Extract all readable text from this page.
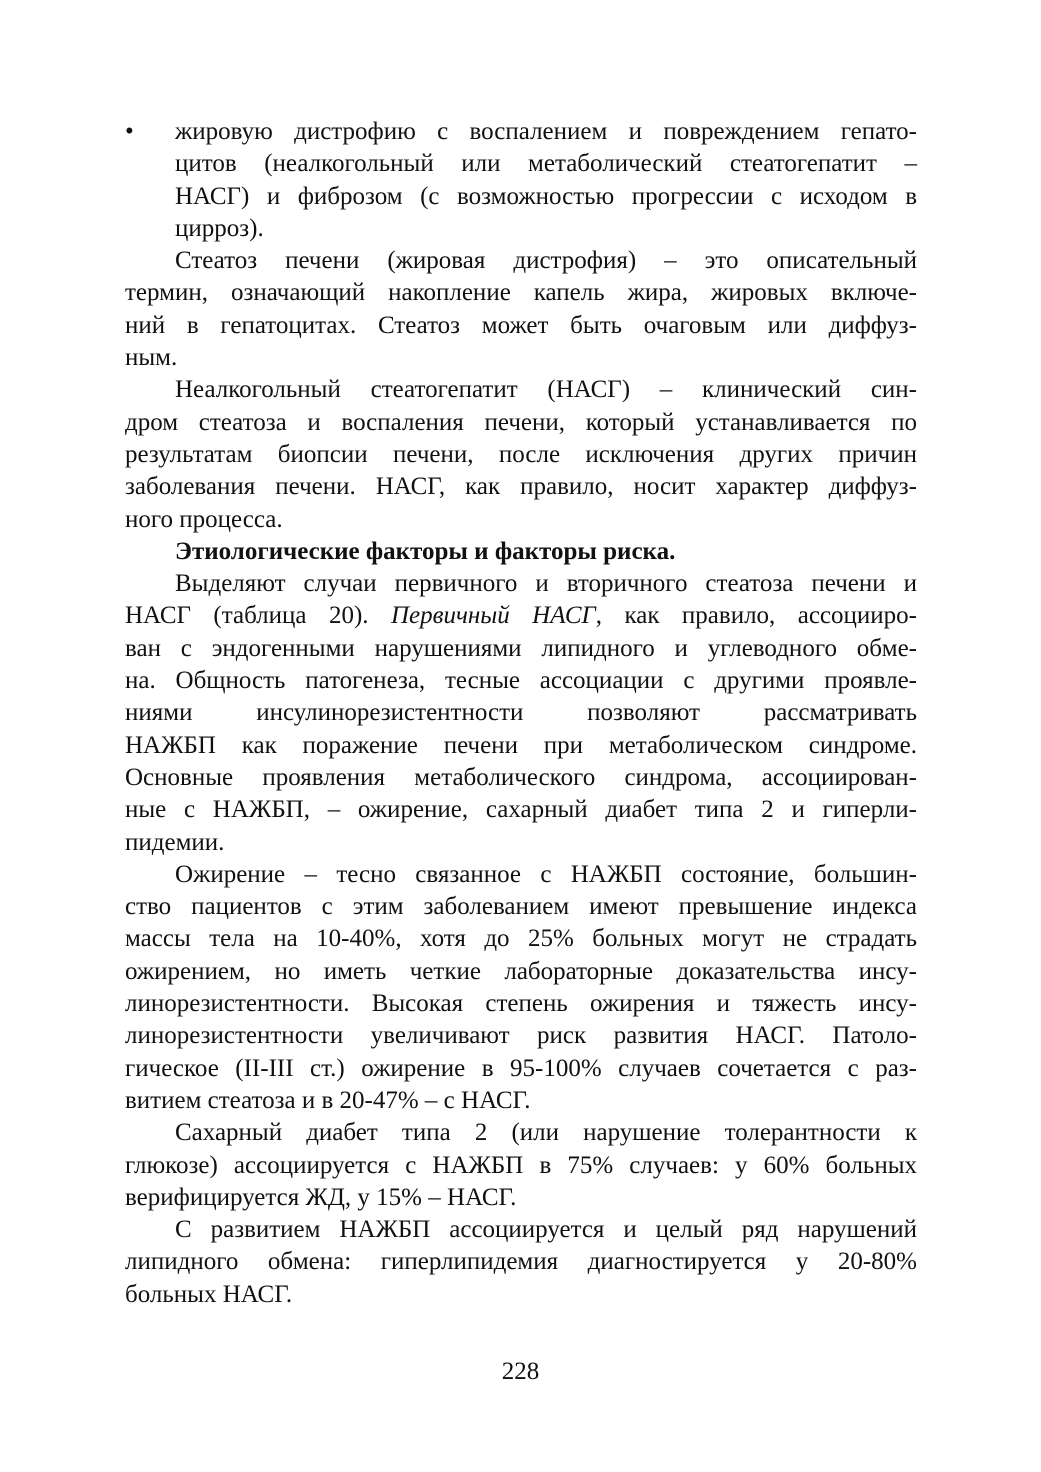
• жировую дистрофию с воспалением и повреждением гепато-
цитов (неалкогольный или метаболический стеатогепатит –
НАСГ) и фиброзом (с возможностью прогрессии с исходом в
цирроз).
Стеатоз печени (жировая дистрофия) – это описательный
термин, означающий накопление капель жира, жировых включе-
ний в гепатоцитах. Стеатоз может быть очаговым или диффуз-
ным.
Неалкогольный стеатогепатит (НАСГ) – клинический син-
дром стеатоза и воспаления печени, который устанавливается по
результатам биопсии печени, после исключения других причин
заболевания печени. НАСГ, как правило, носит характер диффуз-
ного процесса.
Этиологические факторы и факторы риска.
Выделяют случаи первичного и вторичного стеатоза печени и
НАСГ (таблица 20). Первичный НАСГ, как правило, ассоцииро-
ван с эндогенными нарушениями липидного и углеводного обме-
на. Общность патогенеза, тесные ассоциации с другими проявле-
ниями инсулинорезистентности позволяют рассматривать
НАЖБП как поражение печени при метаболическом синдроме.
Основные проявления метаболического синдрома, ассоциирован-
ные с НАЖБП, – ожирение, сахарный диабет типа 2 и гиперли-
пидемии.
Ожирение – тесно связанное с НАЖБП состояние, большин-
ство пациентов с этим заболеванием имеют превышение индекса
массы тела на 10-40%, хотя до 25% больных могут не страдать
ожирением, но иметь четкие лабораторные доказательства инсу-
линорезистентности. Высокая степень ожирения и тяжесть инсу-
линорезистентности увеличивают риск развития НАСГ. Патоло-
гическое (II-III ст.) ожирение в 95-100% случаев сочетается с раз-
витием стеатоза и в 20-47% – с НАСГ.
Сахарный диабет типа 2 (или нарушение толерантности к
глюкозе) ассоциируется с НАЖБП в 75% случаев: у 60% больных
верифицируется ЖД, у 15% – НАСГ.
С развитием НАЖБП ассоциируется и целый ряд нарушений
липидного обмена: гиперлипидемия диагностируется у 20-80%
больных НАСГ.
228
